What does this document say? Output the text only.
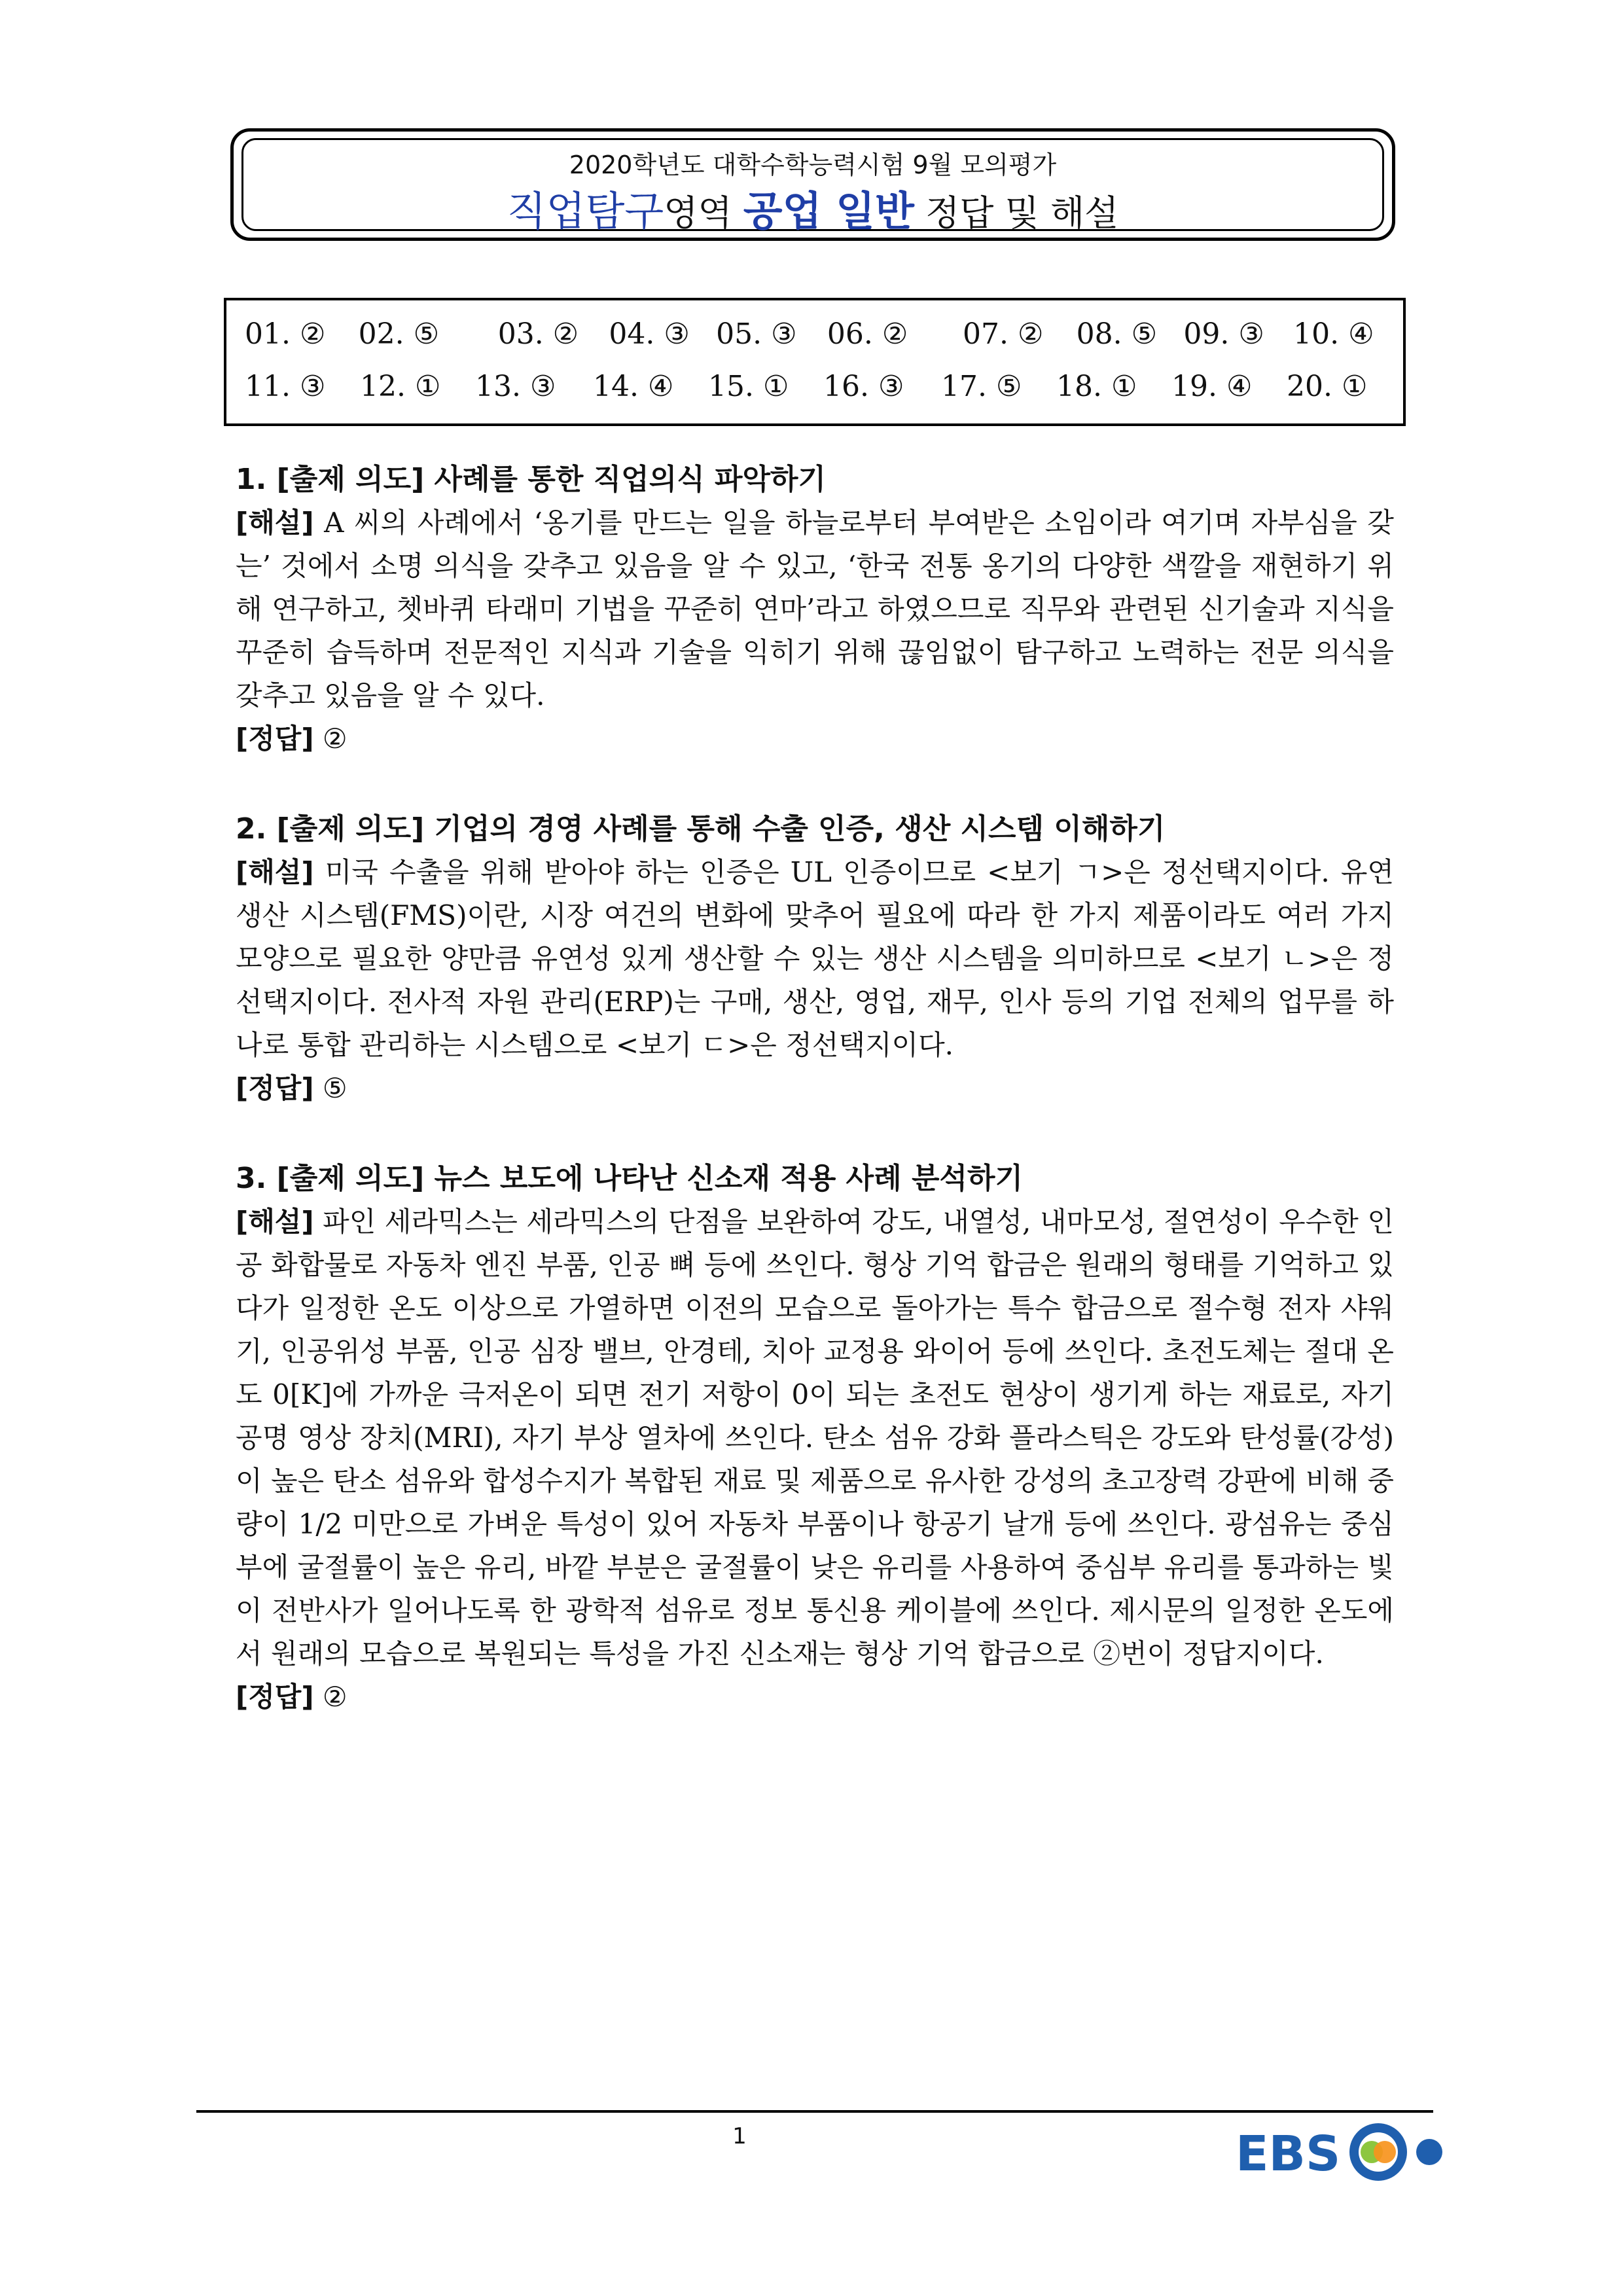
2020학년도 대학수학능력시험 9월 모의평가
직업탐구영역 공업 일반 정답 및 해설
01. ②	02. ⑤	03. ②	04. ③ 05. ③	06. ②	07. ②	08. ⑤ 09. ③	10. ④
11. ③	12. ①	13. ③	14. ④	15. ①	16. ③	17. ⑤	18. ①	19. ④	20. ①
1. [출제 의도] 사례를 통한 직업의식 파악하기
[해설] A 씨의 사례에서 ‘옹기를 만드는 일을 하늘로부터 부여받은 소임이라 여기며 자부심을 갖는’ 것에서 소명 의식을 갖추고 있음을 알 수 있고, ‘한국 전통 옹기의 다양한 색깔을 재현하기 위해 연구하고, 쳇바퀴 타래미 기법을 꾸준히 연마’라고 하였으므로 직무와 관련된 신기술과 지식을 꾸준히 습득하며 전문적인 지식과 기술을 익히기 위해 끊임없이 탐구하고 노력하는 전문 의식을 갖추고 있음을 알 수 있다.
[정답] ②
2. [출제 의도] 기업의 경영 사례를 통해 수출 인증, 생산 시스템 이해하기
[해설] 미국 수출을 위해 받아야 하는 인증은 UL 인증이므로 <보기 ㄱ>은 정선택지이다. 유연 생산 시스템(FMS)이란, 시장 여건의 변화에 맞추어 필요에 따라 한 가지 제품이라도 여러 가지 모양으로 필요한 양만큼 유연성 있게 생산할 수 있는 생산 시스템을 의미하므로 <보기 ㄴ>은 정선택지이다. 전사적 자원 관리(ERP)는 구매, 생산, 영업, 재무, 인사 등의 기업 전체의 업무를 하나로 통합 관리하는 시스템으로 <보기 ㄷ>은 정선택지이다.
[정답] ⑤
3. [출제 의도] 뉴스 보도에 나타난 신소재 적용 사례 분석하기
[해설] 파인 세라믹스는 세라믹스의 단점을 보완하여 강도, 내열성, 내마모성, 절연성이 우수한 인공 화합물로 자동차 엔진 부품, 인공 뼈 등에 쓰인다. 형상 기억 합금은 원래의 형태를 기억하고 있다가 일정한 온도 이상으로 가열하면 이전의 모습으로 돌아가는 특수 합금으로 절수형 전자 샤워기, 인공위성 부품, 인공 심장 밸브, 안경테, 치아 교정용 와이어 등에 쓰인다. 초전도체는 절대 온도 0[K]에 가까운 극저온이 되면 전기 저항이 0이 되는 초전도 현상이 생기게 하는 재료로, 자기 공명 영상 장치(MRI), 자기 부상 열차에 쓰인다. 탄소 섬유 강화 플라스틱은 강도와 탄성률(강성)이 높은 탄소 섬유와 합성수지가 복합된 재료 및 제품으로 유사한 강성의 초고장력 강판에 비해 중량이 1/2 미만으로 가벼운 특성이 있어 자동차 부품이나 항공기 날개 등에 쓰인다. 광섬유는 중심부에 굴절률이 높은 유리, 바깥 부분은 굴절률이 낮은 유리를 사용하여 중심부 유리를 통과하는 빛이 전반사가 일어나도록 한 광학적 섬유로 정보 통신용 케이블에 쓰인다. 제시문의 일정한 온도에서 원래의 모습으로 복원되는 특성을 가진 신소재는 형상 기억 합금으로 ②번이 정답지이다.
[정답] ②
1	EBS
